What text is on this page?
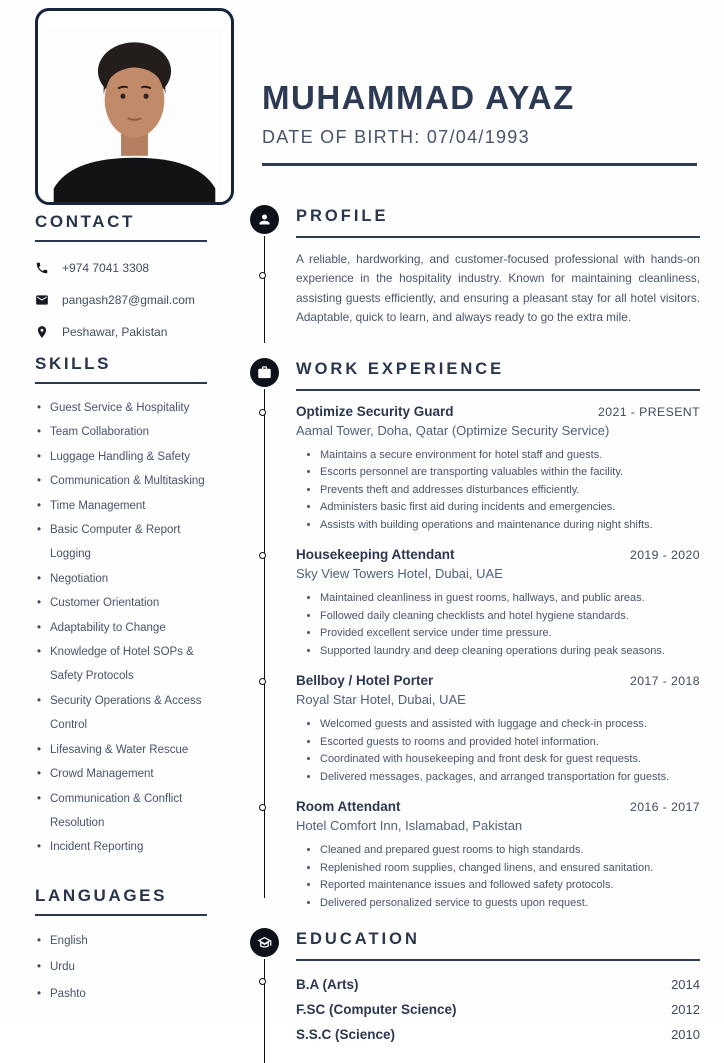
MUHAMMAD AYAZ
DATE OF BIRTH: 07/04/1993
CONTACT
+974 7041 3308
pangash287@gmail.com
Peshawar, Pakistan
SKILLS
• Guest Service & Hospitality
• Team Collaboration
• Luggage Handling & Safety
• Communication & Multitasking
• Time Management
• Basic Computer & Report Logging
• Negotiation
• Customer Orientation
• Adaptability to Change
• Knowledge of Hotel SOPs & Safety Protocols
• Security Operations & Access Control
• Lifesaving & Water Rescue
• Crowd Management
• Communication & Conflict Resolution
• Incident Reporting
LANGUAGES
• English
• Urdu
• Pashto
PROFILE

A reliable, hardworking, and customer-focused professional with hands-on experience in the hospitality industry. Known for maintaining cleanliness, assisting guests efficiently, and ensuring a pleasant stay for all hotel visitors. Adaptable, quick to learn, and always ready to go the extra mile.

WORK EXPERIENCE
Optimize Security Guard	2021 - PRESENT
Aamal Tower, Doha, Qatar (Optimize Security Service)
• Maintains a secure environment for hotel staff and guests.
• Escorts personnel are transporting valuables within the facility.
• Prevents theft and addresses disturbances efficiently.
• Administers basic first aid during incidents and emergencies.
• Assists with building operations and maintenance during night shifts.
Housekeeping Attendant	2019 - 2020
Sky View Towers Hotel, Dubai, UAE
• Maintained cleanliness in guest rooms, hallways, and public areas.
• Followed daily cleaning checklists and hotel hygiene standards.
• Provided excellent service under time pressure.
• Supported laundry and deep cleaning operations during peak seasons.
Bellboy / Hotel Porter	2017 - 2018
Royal Star Hotel, Dubai, UAE
• Welcomed guests and assisted with luggage and check-in process.
• Escorted guests to rooms and provided hotel information.
• Coordinated with housekeeping and front desk for guest requests.
• Delivered messages, packages, and arranged transportation for guests.
Room Attendant	2016 - 2017
Hotel Comfort Inn, Islamabad, Pakistan
• Cleaned and prepared guest rooms to high standards.
• Replenished room supplies, changed linens, and ensured sanitation.
• Reported maintenance issues and followed safety protocols.
• Delivered personalized service to guests upon request.
EDUCATION
B.A (Arts)	2014
F.SC (Computer Science)	2012
S.S.C (Science)	2010
